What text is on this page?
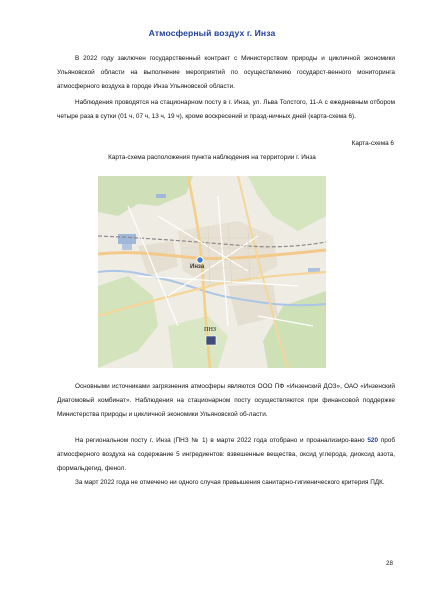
Атмосферный воздух г. Инза

В 2022 году заключен государственный контракт с Министерством природы и цикличной экономики Ульяновской области на выполнение мероприятий по осуществлению государст-венного мониторинга атмосферного воздуха в городе Инза Ульяновской области.

Наблюдения проводятся на стационарном посту в г. Инза, ул. Льва Толстого, 11-А с ежедневным отбором четыре раза в сутки (01 ч, 07 ч, 13 ч, 19 ч), кроме воскресений и празд-ничных дней (карта-схема 6).

Карта-схема 6
Карта-схема расположения пункта наблюдения на территории г. Инза
Инза
ПНЗ

Основными источниками загрязнения атмосферы являются ООО ПФ «Инзенский ДОЗ», ОАО «Инзенский Диатомовый комбинат». Наблюдения на стационарном посту осуществляются при финансовой поддержке Министерства природы и цикличной экономики Ульяновской об-ласти.

На региональном посту г. Инза (ПНЗ № 1) в марте 2022 года отобрано и проанализиро-вано 520 проб атмосферного воздуха на содержание 5 ингредиентов: взвешенные вещества, оксид углерода, диоксид азота, формальдегид, фенол.

За март 2022 года не отмечено ни одного случая превышения санитарно-гигиенического критерия ПДК.

28
